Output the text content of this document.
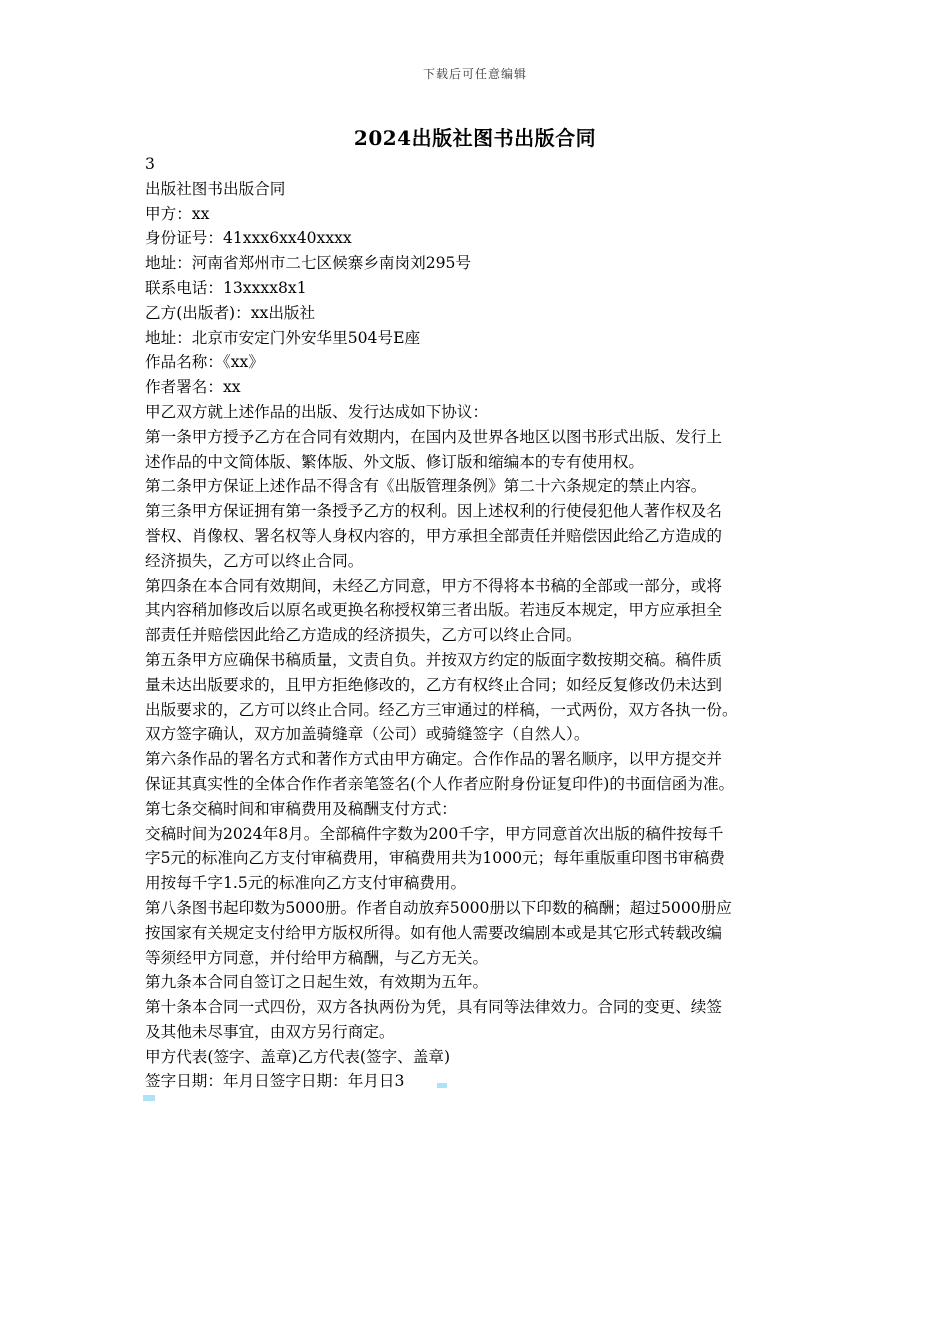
下载后可任意编辑
2024出版社图书出版合同
3
出版社图书出版合同
甲方：xx
身份证号：41xxx6xx40xxxx
地址：河南省郑州市二七区候寨乡南岗刘295号
联系电话：13xxxx8x1
乙方(出版者)：xx出版社
地址：北京市安定门外安华里504号E座
作品名称：《xx》
作者署名：xx
甲乙双方就上述作品的出版、发行达成如下协议：
第一条甲方授予乙方在合同有效期内，在国内及世界各地区以图书形式出版、发行上
述作品的中文简体版、繁体版、外文版、修订版和缩编本的专有使用权。
第二条甲方保证上述作品不得含有《出版管理条例》第二十六条规定的禁止内容。
第三条甲方保证拥有第一条授予乙方的权利。因上述权利的行使侵犯他人著作权及名
誉权、肖像权、署名权等人身权内容的，甲方承担全部责任并赔偿因此给乙方造成的
经济损失，乙方可以终止合同。
第四条在本合同有效期间，未经乙方同意，甲方不得将本书稿的全部或一部分，或将
其内容稍加修改后以原名或更换名称授权第三者出版。若违反本规定，甲方应承担全
部责任并赔偿因此给乙方造成的经济损失，乙方可以终止合同。
第五条甲方应确保书稿质量，文责自负。并按双方约定的版面字数按期交稿。稿件质
量未达出版要求的，且甲方拒绝修改的，乙方有权终止合同；如经反复修改仍未达到
出版要求的，乙方可以终止合同。经乙方三审通过的样稿，一式两份，双方各执一份。
双方签字确认，双方加盖骑缝章（公司）或骑缝签字（自然人）。
第六条作品的署名方式和著作方式由甲方确定。合作作品的署名顺序，以甲方提交并
保证其真实性的全体合作作者亲笔签名(个人作者应附身份证复印件)的书面信函为准。
第七条交稿时间和审稿费用及稿酬支付方式：
交稿时间为2024年8月。全部稿件字数为200千字，甲方同意首次出版的稿件按每千
字5元的标准向乙方支付审稿费用，审稿费用共为1000元；每年重版重印图书审稿费
用按每千字1.5元的标准向乙方支付审稿费用。
第八条图书起印数为5000册。作者自动放弃5000册以下印数的稿酬；超过5000册应
按国家有关规定支付给甲方版权所得。如有他人需要改编剧本或是其它形式转载改编
等须经甲方同意，并付给甲方稿酬，与乙方无关。
第九条本合同自签订之日起生效，有效期为五年。
第十条本合同一式四份，双方各执两份为凭，具有同等法律效力。合同的变更、续签
及其他未尽事宜，由双方另行商定。
甲方代表(签字、盖章)乙方代表(签字、盖章)
签字日期：年月日签字日期：年月日3
